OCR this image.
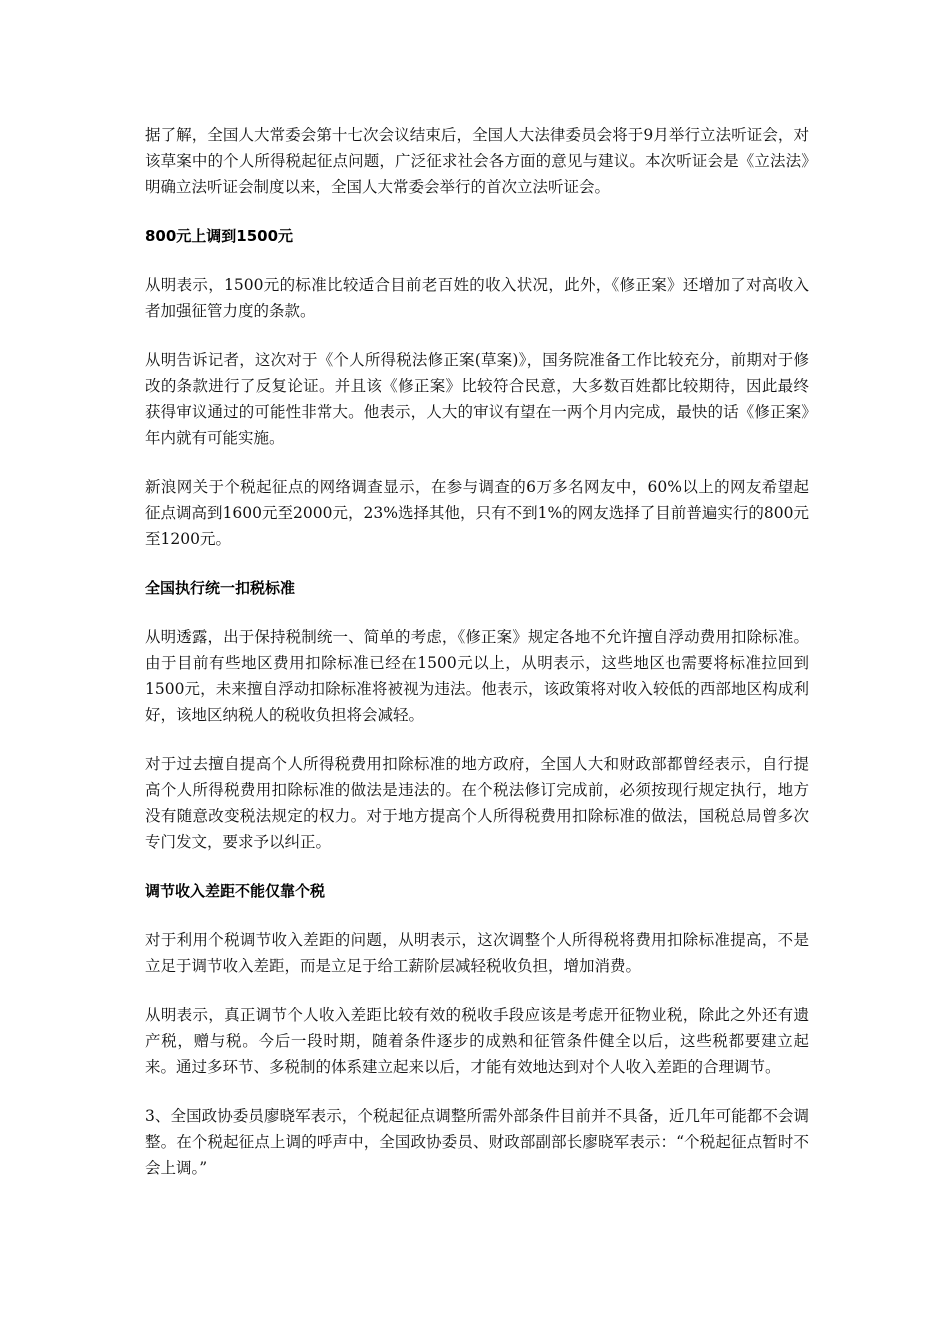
据了解，全国人大常委会第十七次会议结束后，全国人大法律委员会将于9月举行立法听证会，对该草案中的个人所得税起征点问题，广泛征求社会各方面的意见与建议。本次听证会是《立法法》明确立法听证会制度以来，全国人大常委会举行的首次立法听证会。

800元上调到1500元

从明表示，1500元的标准比较适合目前老百姓的收入状况，此外，《修正案》还增加了对高收入者加强征管力度的条款。

从明告诉记者，这次对于《个人所得税法修正案(草案)》，国务院准备工作比较充分，前期对于修改的条款进行了反复论证。并且该《修正案》比较符合民意，大多数百姓都比较期待，因此最终获得审议通过的可能性非常大。他表示，人大的审议有望在一两个月内完成，最快的话《修正案》年内就有可能实施。

新浪网关于个税起征点的网络调查显示，在参与调查的6万多名网友中，60%以上的网友希望起征点调高到1600元至2000元，23%选择其他，只有不到1%的网友选择了目前普遍实行的800元至1200元。

全国执行统一扣税标准

从明透露，出于保持税制统一、简单的考虑，《修正案》规定各地不允许擅自浮动费用扣除标准。由于目前有些地区费用扣除标准已经在1500元以上，从明表示，这些地区也需要将标准拉回到1500元，未来擅自浮动扣除标准将被视为违法。他表示，该政策将对收入较低的西部地区构成利好，该地区纳税人的税收负担将会减轻。

对于过去擅自提高个人所得税费用扣除标准的地方政府，全国人大和财政部都曾经表示，自行提高个人所得税费用扣除标准的做法是违法的。在个税法修订完成前，必须按现行规定执行，地方没有随意改变税法规定的权力。对于地方提高个人所得税费用扣除标准的做法，国税总局曾多次专门发文，要求予以纠正。

调节收入差距不能仅靠个税

对于利用个税调节收入差距的问题，从明表示，这次调整个人所得税将费用扣除标准提高，不是立足于调节收入差距，而是立足于给工薪阶层减轻税收负担，增加消费。

从明表示，真正调节个人收入差距比较有效的税收手段应该是考虑开征物业税，除此之外还有遗产税，赠与税。今后一段时期，随着条件逐步的成熟和征管条件健全以后，这些税都要建立起来。通过多环节、多税制的体系建立起来以后，才能有效地达到对个人收入差距的合理调节。

3、全国政协委员廖晓军表示，个税起征点调整所需外部条件目前并不具备，近几年可能都不会调整。在个税起征点上调的呼声中，全国政协委员、财政部副部长廖晓军表示：“个税起征点暂时不会上调。”
